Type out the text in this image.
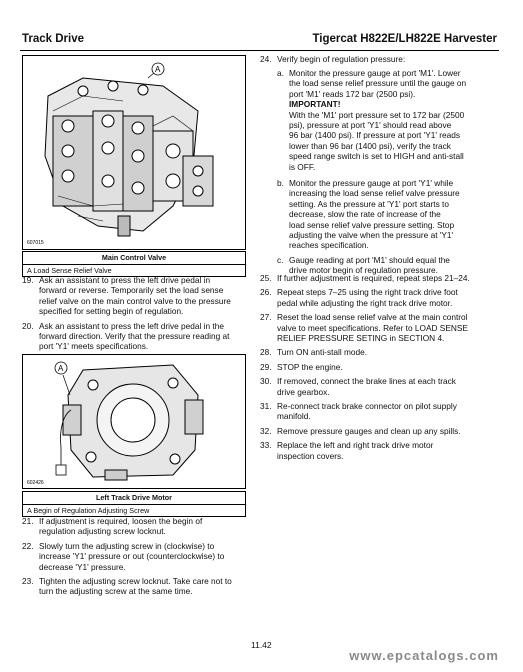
Track Drive	Tigercat H822E/LH822E Harvester
A
607015
Main Control Valve
A Load Sense Relief Valve
19. Ask an assistant to press the left drive pedal in
forward or reverse. Temporarily set the load sense
relief valve on the main control valve to the pressure
specified for setting begin of regulation.
20. Ask an assistant to press the left drive pedal in the
forward direction. Verify that the pressure reading at
port 'Y1' meets specifications.
A
602426
Left Track Drive Motor
A Begin of Regulation Adjusting Screw
21. If adjustment is required, loosen the begin of
regulation adjusting screw locknut.
22. Slowly turn the adjusting screw in (clockwise) to
increase 'Y1' pressure or out (counterclockwise) to
decrease 'Y1' pressure.
23. Tighten the adjusting screw locknut. Take care not to
turn the adjusting screw at the same time.
24. Verify begin of regulation pressure:
a. Monitor the pressure gauge at port 'M1'. Lower
the load sense relief pressure until the gauge on
port 'M1' reads 172 bar (2500 psi).
IMPORTANT!
With the 'M1' port pressure set to 172 bar (2500
psi), pressure at port 'Y1' should read above
96 bar (1400 psi). If pressure at port 'Y1' reads
lower than 96 bar (1400 psi), verify the track
speed range switch is set to HIGH and anti-stall
is OFF.
b. Monitor the pressure gauge at port 'Y1' while
increasing the load sense relief valve pressure
setting. As the pressure at 'Y1' port starts to
decrease, slow the rate of increase of the
load sense relief valve pressure setting. Stop
adjusting the valve when the pressure at 'Y1'
reaches specification.
c. Gauge reading at port 'M1' should equal the
drive motor begin of regulation pressure.
25. If further adjustment is required, repeat steps 21–24.
26. Repeat steps 7–25 using the right track drive foot
pedal while adjusting the right track drive motor.
27. Reset the load sense relief valve at the main control
valve to meet specifications. Refer to LOAD SENSE
RELIEF PRESSURE SETING in SECTION 4.
28. Turn ON anti-stall mode.
29. STOP the engine.
30. If removed, connect the brake lines at each track
drive gearbox.
31. Re-connect track brake connector on pilot supply
manifold.
32. Remove pressure gauges and clean up any spills.
33. Replace the left and right track drive motor
inspection covers.
11.42
www.epcatalogs.com
